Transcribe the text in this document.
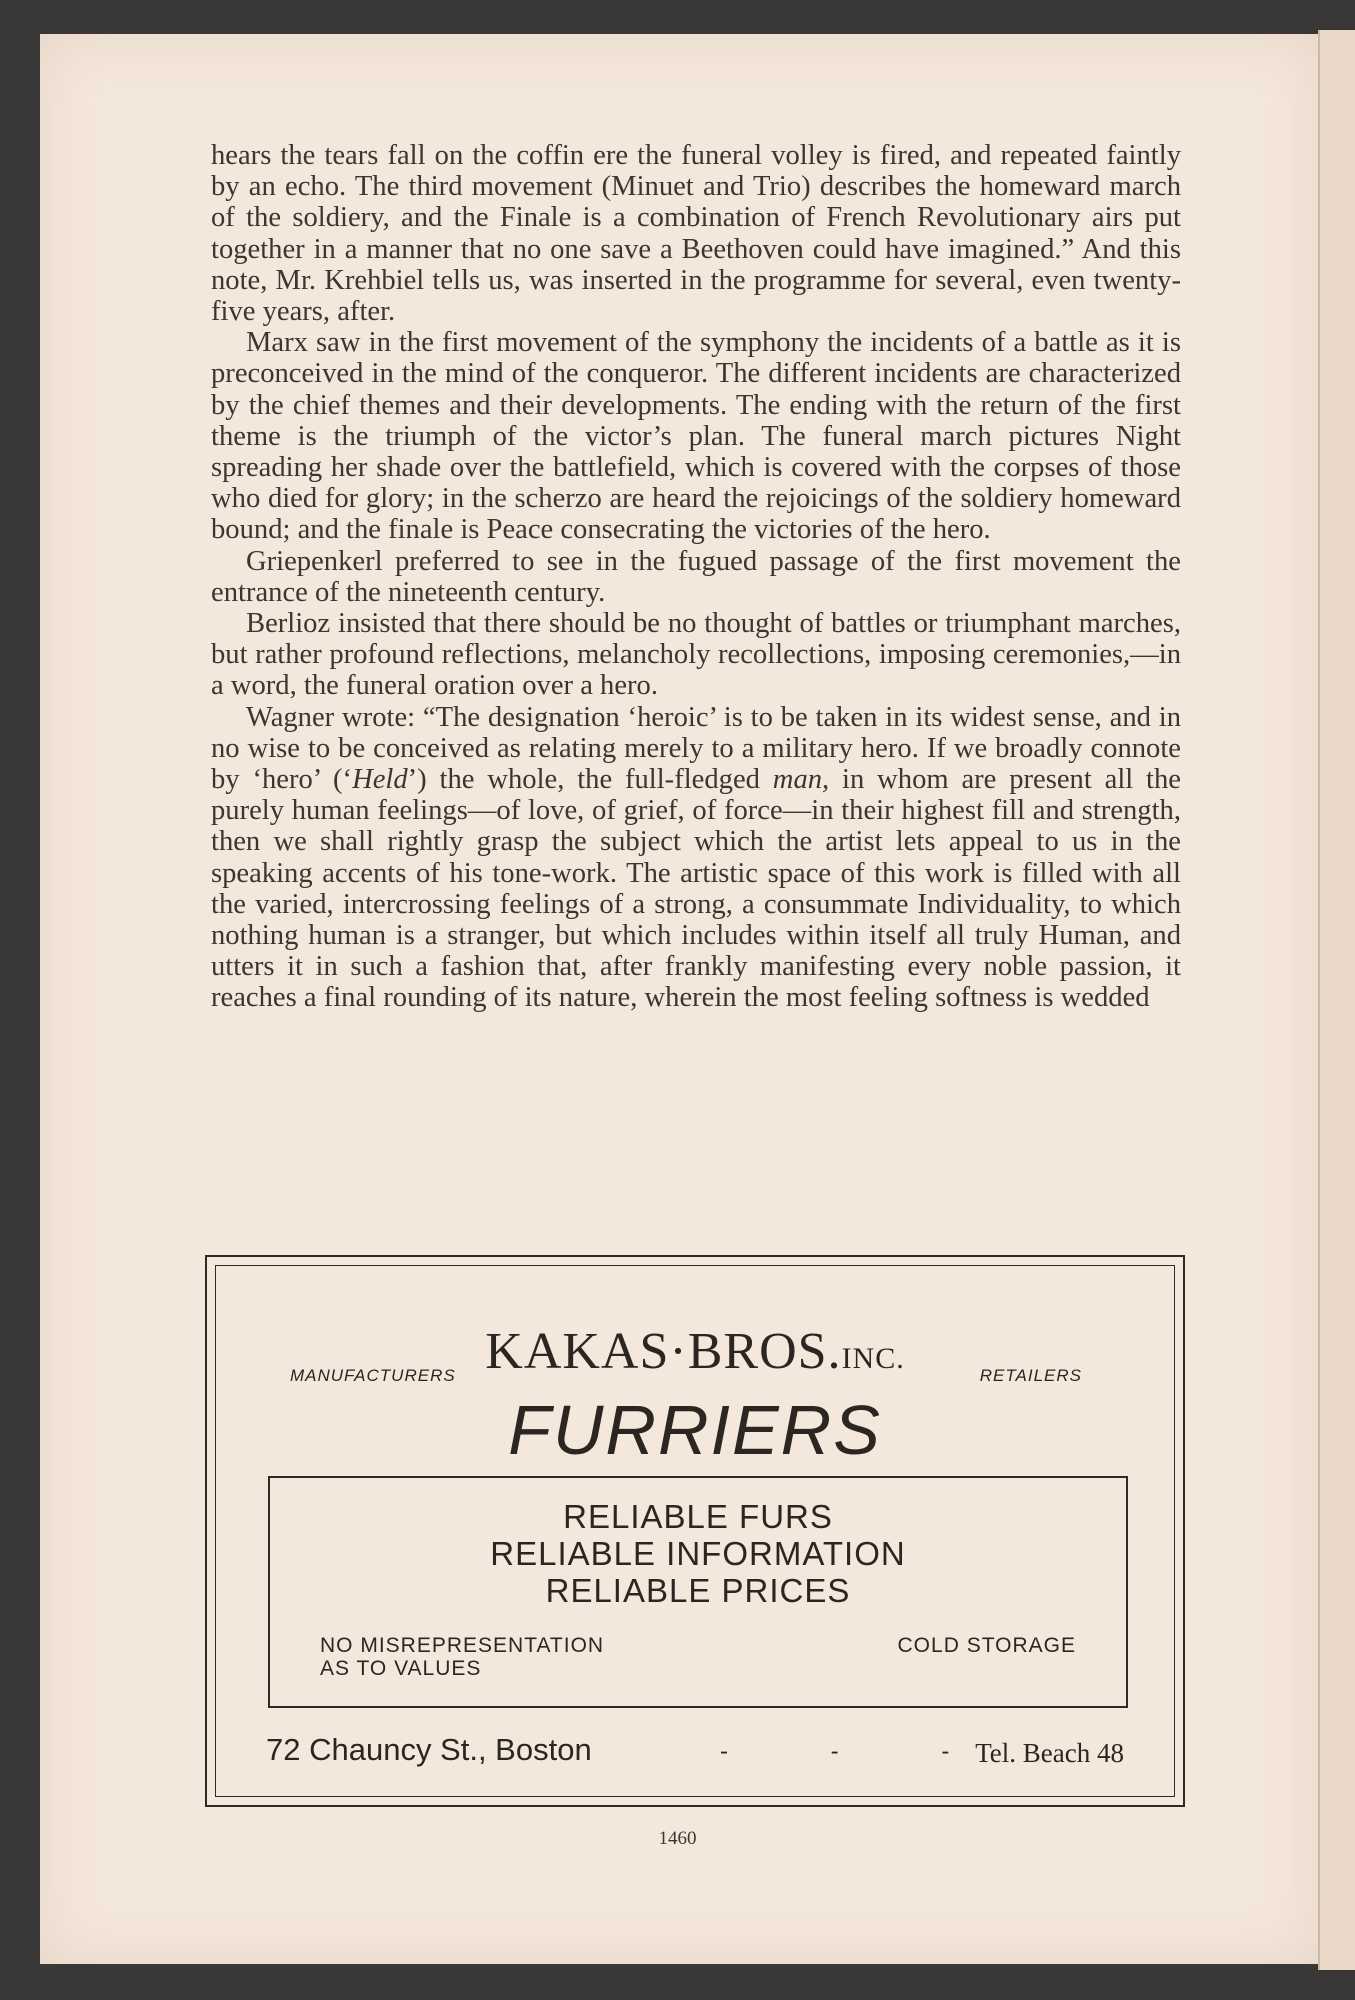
hears the tears fall on the coffin ere the funeral volley is fired, and repeated faintly by an echo. The third movement (Minuet and Trio) describes the homeward march of the soldiery, and the Finale is a combination of French Revolutionary airs put together in a manner that no one save a Beethoven could have imagined.” And this note, Mr. Krehbiel tells us, was inserted in the programme for several, even twenty-five years, after.

Marx saw in the first movement of the symphony the incidents of a battle as it is preconceived in the mind of the conqueror. The different incidents are characterized by the chief themes and their developments. The ending with the return of the first theme is the triumph of the victor’s plan. The funeral march pictures Night spreading her shade over the battlefield, which is covered with the corpses of those who died for glory; in the scherzo are heard the rejoicings of the soldiery homeward bound; and the finale is Peace consecrating the victories of the hero.

Griepenkerl preferred to see in the fugued passage of the first movement the entrance of the nineteenth century.

Berlioz insisted that there should be no thought of battles or triumphant marches, but rather profound reflections, melancholy recollections, imposing ceremonies,—in a word, the funeral oration over a hero.

Wagner wrote: “The designation ‘heroic’ is to be taken in its widest sense, and in no wise to be conceived as relating merely to a military hero. If we broadly connote by ‘hero’ (‘Held’) the whole, the full-fledged man, in whom are present all the purely human feelings—of love, of grief, of force—in their highest fill and strength, then we shall rightly grasp the subject which the artist lets appeal to us in the speaking accents of his tone-work. The artistic space of this work is filled with all the varied, intercrossing feelings of a strong, a consummate Individuality, to which nothing human is a stranger, but which includes within itself all truly Human, and utters it in such a fashion that, after frankly manifesting every noble passion, it reaches a final rounding of its nature, wherein the most feeling softness is wedded

KAKAS·BROS.INC.
MANUFACTURERS	RETAILERS
FURRIERS
RELIABLE FURS
RELIABLE INFORMATION
RELIABLE PRICES
NO MISREPRESENTATION
AS TO VALUES
COLD STORAGE
72 Chauncy St., Boston	- - -
Tel. Beach 48
1460
